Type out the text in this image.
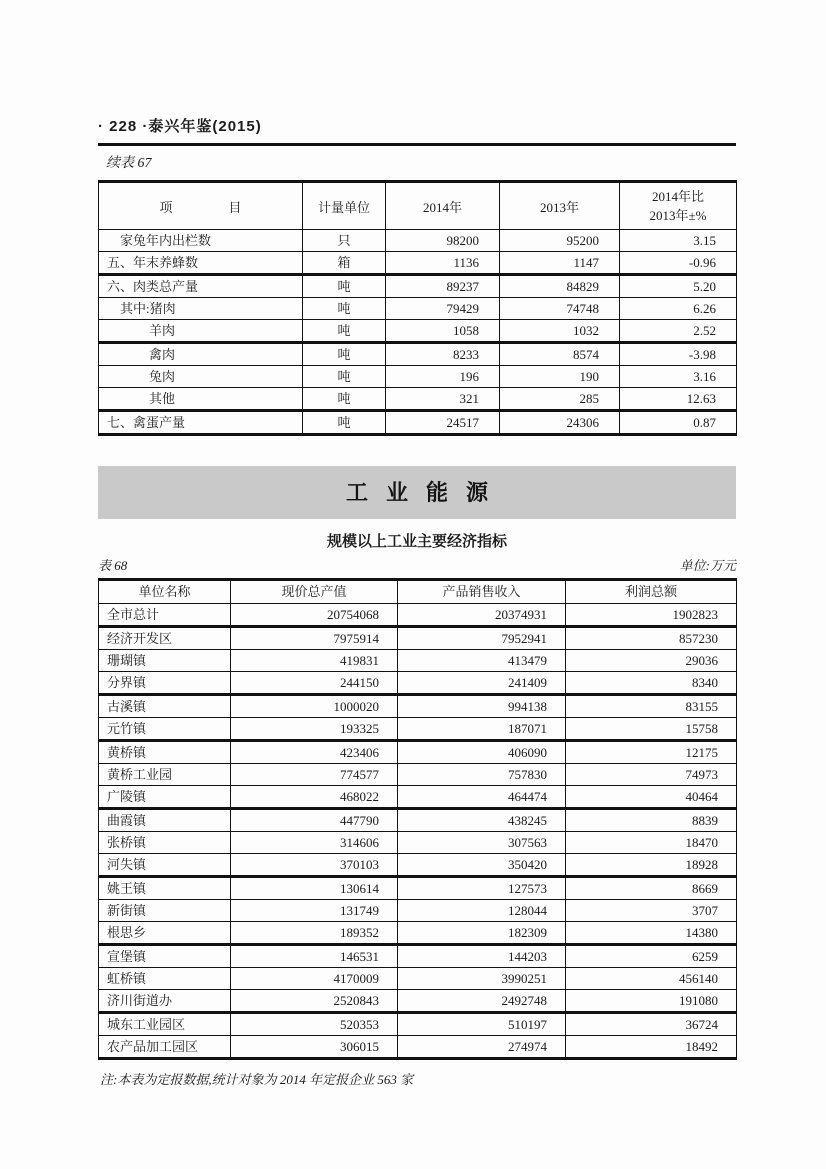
· 228 ·泰兴年鉴(2015)
续表 67
项 目	计量单位	2014年	2013年	2014年比
2013年±%

家兔年内出栏数	只	98200	95200	3.15
五、年末养蜂数	箱	1136	1147	-0.96
六、肉类总产量	吨	89237	84829	5.20
其中:猪肉	吨	79429	74748	6.26
羊肉	吨	1058	1032	2.52
禽肉	吨	8233	8574	-3.98
兔肉	吨	196	190	3.16
其他	吨	321	285	12.63
七、禽蛋产量	吨	24517	24306	0.87
工业能源
规模以上工业主要经济指标
表 68	单位:万元
单位名称	现价总产值	产品销售收入	利润总额
全市总计	20754068	20374931	1902823
经济开发区	7975914	7952941	857230
珊瑚镇	419831	413479	29036
分界镇	244150	241409	8340
古溪镇	1000020	994138	83155
元竹镇	193325	187071	15758
黄桥镇	423406	406090	12175
黄桥工业园	774577	757830	74973
广陵镇	468022	464474	40464
曲霞镇	447790	438245	8839
张桥镇	314606	307563	18470
河失镇	370103	350420	18928
姚王镇	130614	127573	8669
新街镇	131749	128044	3707
根思乡	189352	182309	14380
宣堡镇	146531	144203	6259
虹桥镇	4170009	3990251	456140
济川街道办	2520843	2492748	191080
城东工业园区	520353	510197	36724
农产品加工园区	306015	274974	18492
注:本表为定报数据,统计对象为 2014 年定报企业 563 家
